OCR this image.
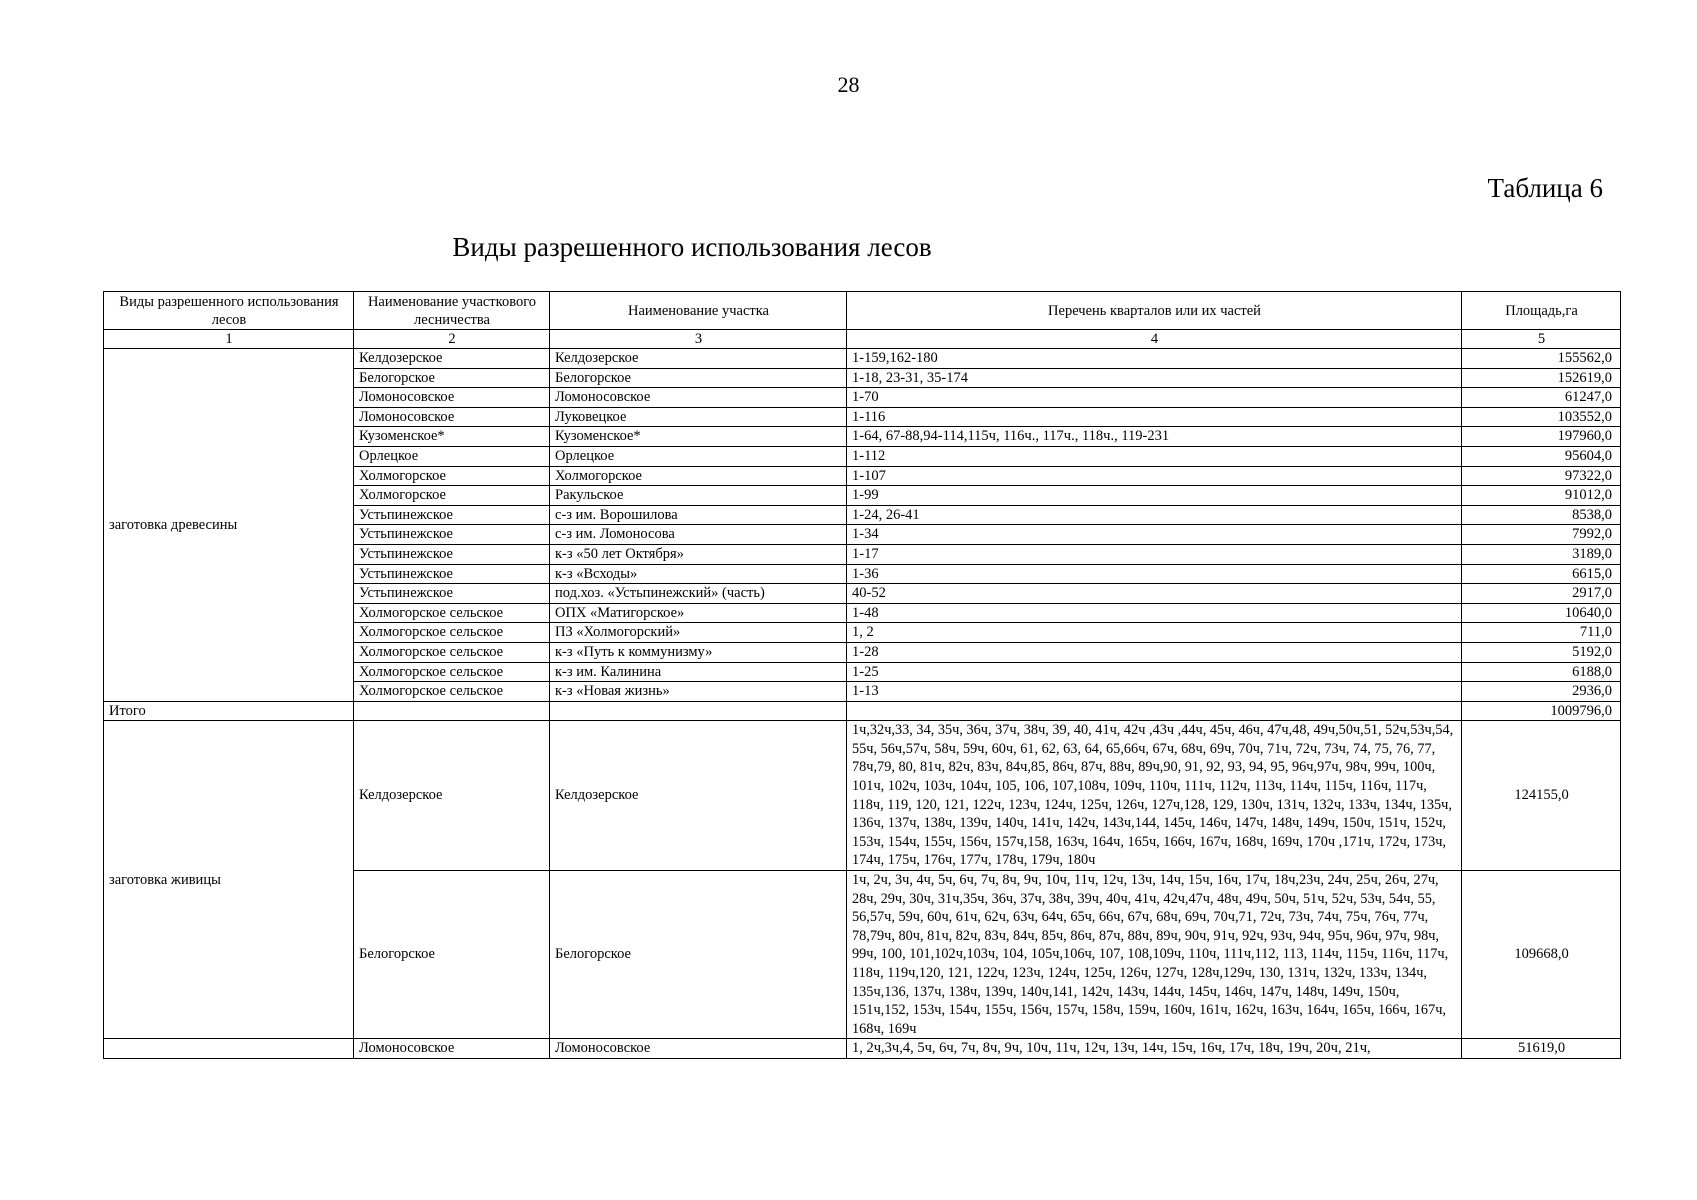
28
Таблица 6
Виды разрешенного использования лесов
Виды разрешенного использования лесов	Наименование участкового лесничества	Наименование участка	Перечень кварталов или их частей	Площадь,га
1	2	3	4	5
заготовка древесины	Келдозерское	Келдозерское	1-159,162-180	155562,0
	Белогорское	Белогорское	1-18, 23-31, 35-174	152619,0
	Ломоносовское	Ломоносовское	1-70	61247,0
	Ломоносовское	Луковецкое	1-116	103552,0
	Кузоменское*	Кузоменское*	1-64, 67-88,94-114,115ч, 116ч., 117ч., 118ч., 119-231	197960,0
	Орлецкое	Орлецкое	1-112	95604,0
	Холмогорское	Холмогорское	1-107	97322,0
	Холмогорское	Ракульское	1-99	91012,0
	Устьпинежское	с-з им. Ворошилова	1-24, 26-41	8538,0
	Устьпинежское	с-з им. Ломоносова	1-34	7992,0
	Устьпинежское	к-з «50 лет Октября»	1-17	3189,0
	Устьпинежское	к-з «Всходы»	1-36	6615,0
	Устьпинежское	под.хоз. «Устьпинежский» (часть)	40-52	2917,0
	Холмогорское сельское	ОПХ «Матигорское»	1-48	10640,0
	Холмогорское сельское	ПЗ «Холмогорский»	1, 2	711,0
	Холмогорское сельское	к-з «Путь к коммунизму»	1-28	5192,0
	Холмогорское сельское	к-з им. Калинина	1-25	6188,0
	Холмогорское сельское	к-з «Новая жизнь»	1-13	2936,0
Итого				1009796,0
заготовка живицы	Келдозерское	Келдозерское	1ч,32ч,33, 34, 35ч, 36ч, 37ч, 38ч, 39, 40, 41ч, 42ч ,43ч ,44ч, 45ч, 46ч, 47ч,48, 49ч,50ч,51, 52ч,53ч,54, 55ч, 56ч,57ч, 58ч, 59ч, 60ч, 61, 62, 63, 64, 65,66ч, 67ч, 68ч, 69ч, 70ч, 71ч, 72ч, 73ч, 74, 75, 76, 77, 78ч,79, 80, 81ч, 82ч, 83ч, 84ч,85, 86ч, 87ч, 88ч, 89ч,90, 91, 92, 93, 94, 95, 96ч,97ч, 98ч, 99ч, 100ч, 101ч, 102ч, 103ч, 104ч, 105, 106, 107,108ч, 109ч, 110ч, 111ч, 112ч, 113ч, 114ч, 115ч, 116ч, 117ч, 118ч, 119, 120, 121, 122ч, 123ч, 124ч, 125ч, 126ч, 127ч,128, 129, 130ч, 131ч, 132ч, 133ч, 134ч, 135ч, 136ч, 137ч, 138ч, 139ч, 140ч, 141ч, 142ч, 143ч,144, 145ч, 146ч, 147ч, 148ч, 149ч, 150ч, 151ч, 152ч, 153ч, 154ч, 155ч, 156ч, 157ч,158, 163ч, 164ч, 165ч, 166ч, 167ч, 168ч, 169ч, 170ч ,171ч, 172ч, 173ч, 174ч, 175ч, 176ч, 177ч, 178ч, 179ч, 180ч	124155,0
	Белогорское	Белогорское	1ч, 2ч, 3ч, 4ч, 5ч, 6ч, 7ч, 8ч, 9ч, 10ч, 11ч, 12ч, 13ч, 14ч, 15ч, 16ч, 17ч, 18ч,23ч, 24ч, 25ч, 26ч, 27ч, 28ч, 29ч, 30ч, 31ч,35ч, 36ч, 37ч, 38ч, 39ч, 40ч, 41ч, 42ч,47ч, 48ч, 49ч, 50ч, 51ч, 52ч, 53ч, 54ч, 55, 56,57ч, 59ч, 60ч, 61ч, 62ч, 63ч, 64ч, 65ч, 66ч, 67ч, 68ч, 69ч, 70ч,71, 72ч, 73ч, 74ч, 75ч, 76ч, 77ч, 78,79ч, 80ч, 81ч, 82ч, 83ч, 84ч, 85ч, 86ч, 87ч, 88ч, 89ч, 90ч, 91ч, 92ч, 93ч, 94ч, 95ч, 96ч, 97ч, 98ч, 99ч, 100, 101,102ч,103ч, 104, 105ч,106ч, 107, 108,109ч, 110ч, 111ч,112, 113, 114ч, 115ч, 116ч, 117ч, 118ч, 119ч,120, 121, 122ч, 123ч, 124ч, 125ч, 126ч, 127ч, 128ч,129ч, 130, 131ч, 132ч, 133ч, 134ч, 135ч,136, 137ч, 138ч, 139ч, 140ч,141, 142ч, 143ч, 144ч, 145ч, 146ч, 147ч, 148ч, 149ч, 150ч, 151ч,152, 153ч, 154ч, 155ч, 156ч, 157ч, 158ч, 159ч, 160ч, 161ч, 162ч, 163ч, 164ч, 165ч, 166ч, 167ч, 168ч, 169ч	109668,0
	Ломоносовское	Ломоносовское	1, 2ч,3ч,4, 5ч, 6ч, 7ч, 8ч, 9ч, 10ч, 11ч, 12ч, 13ч, 14ч, 15ч, 16ч, 17ч, 18ч, 19ч, 20ч, 21ч,	51619,0
